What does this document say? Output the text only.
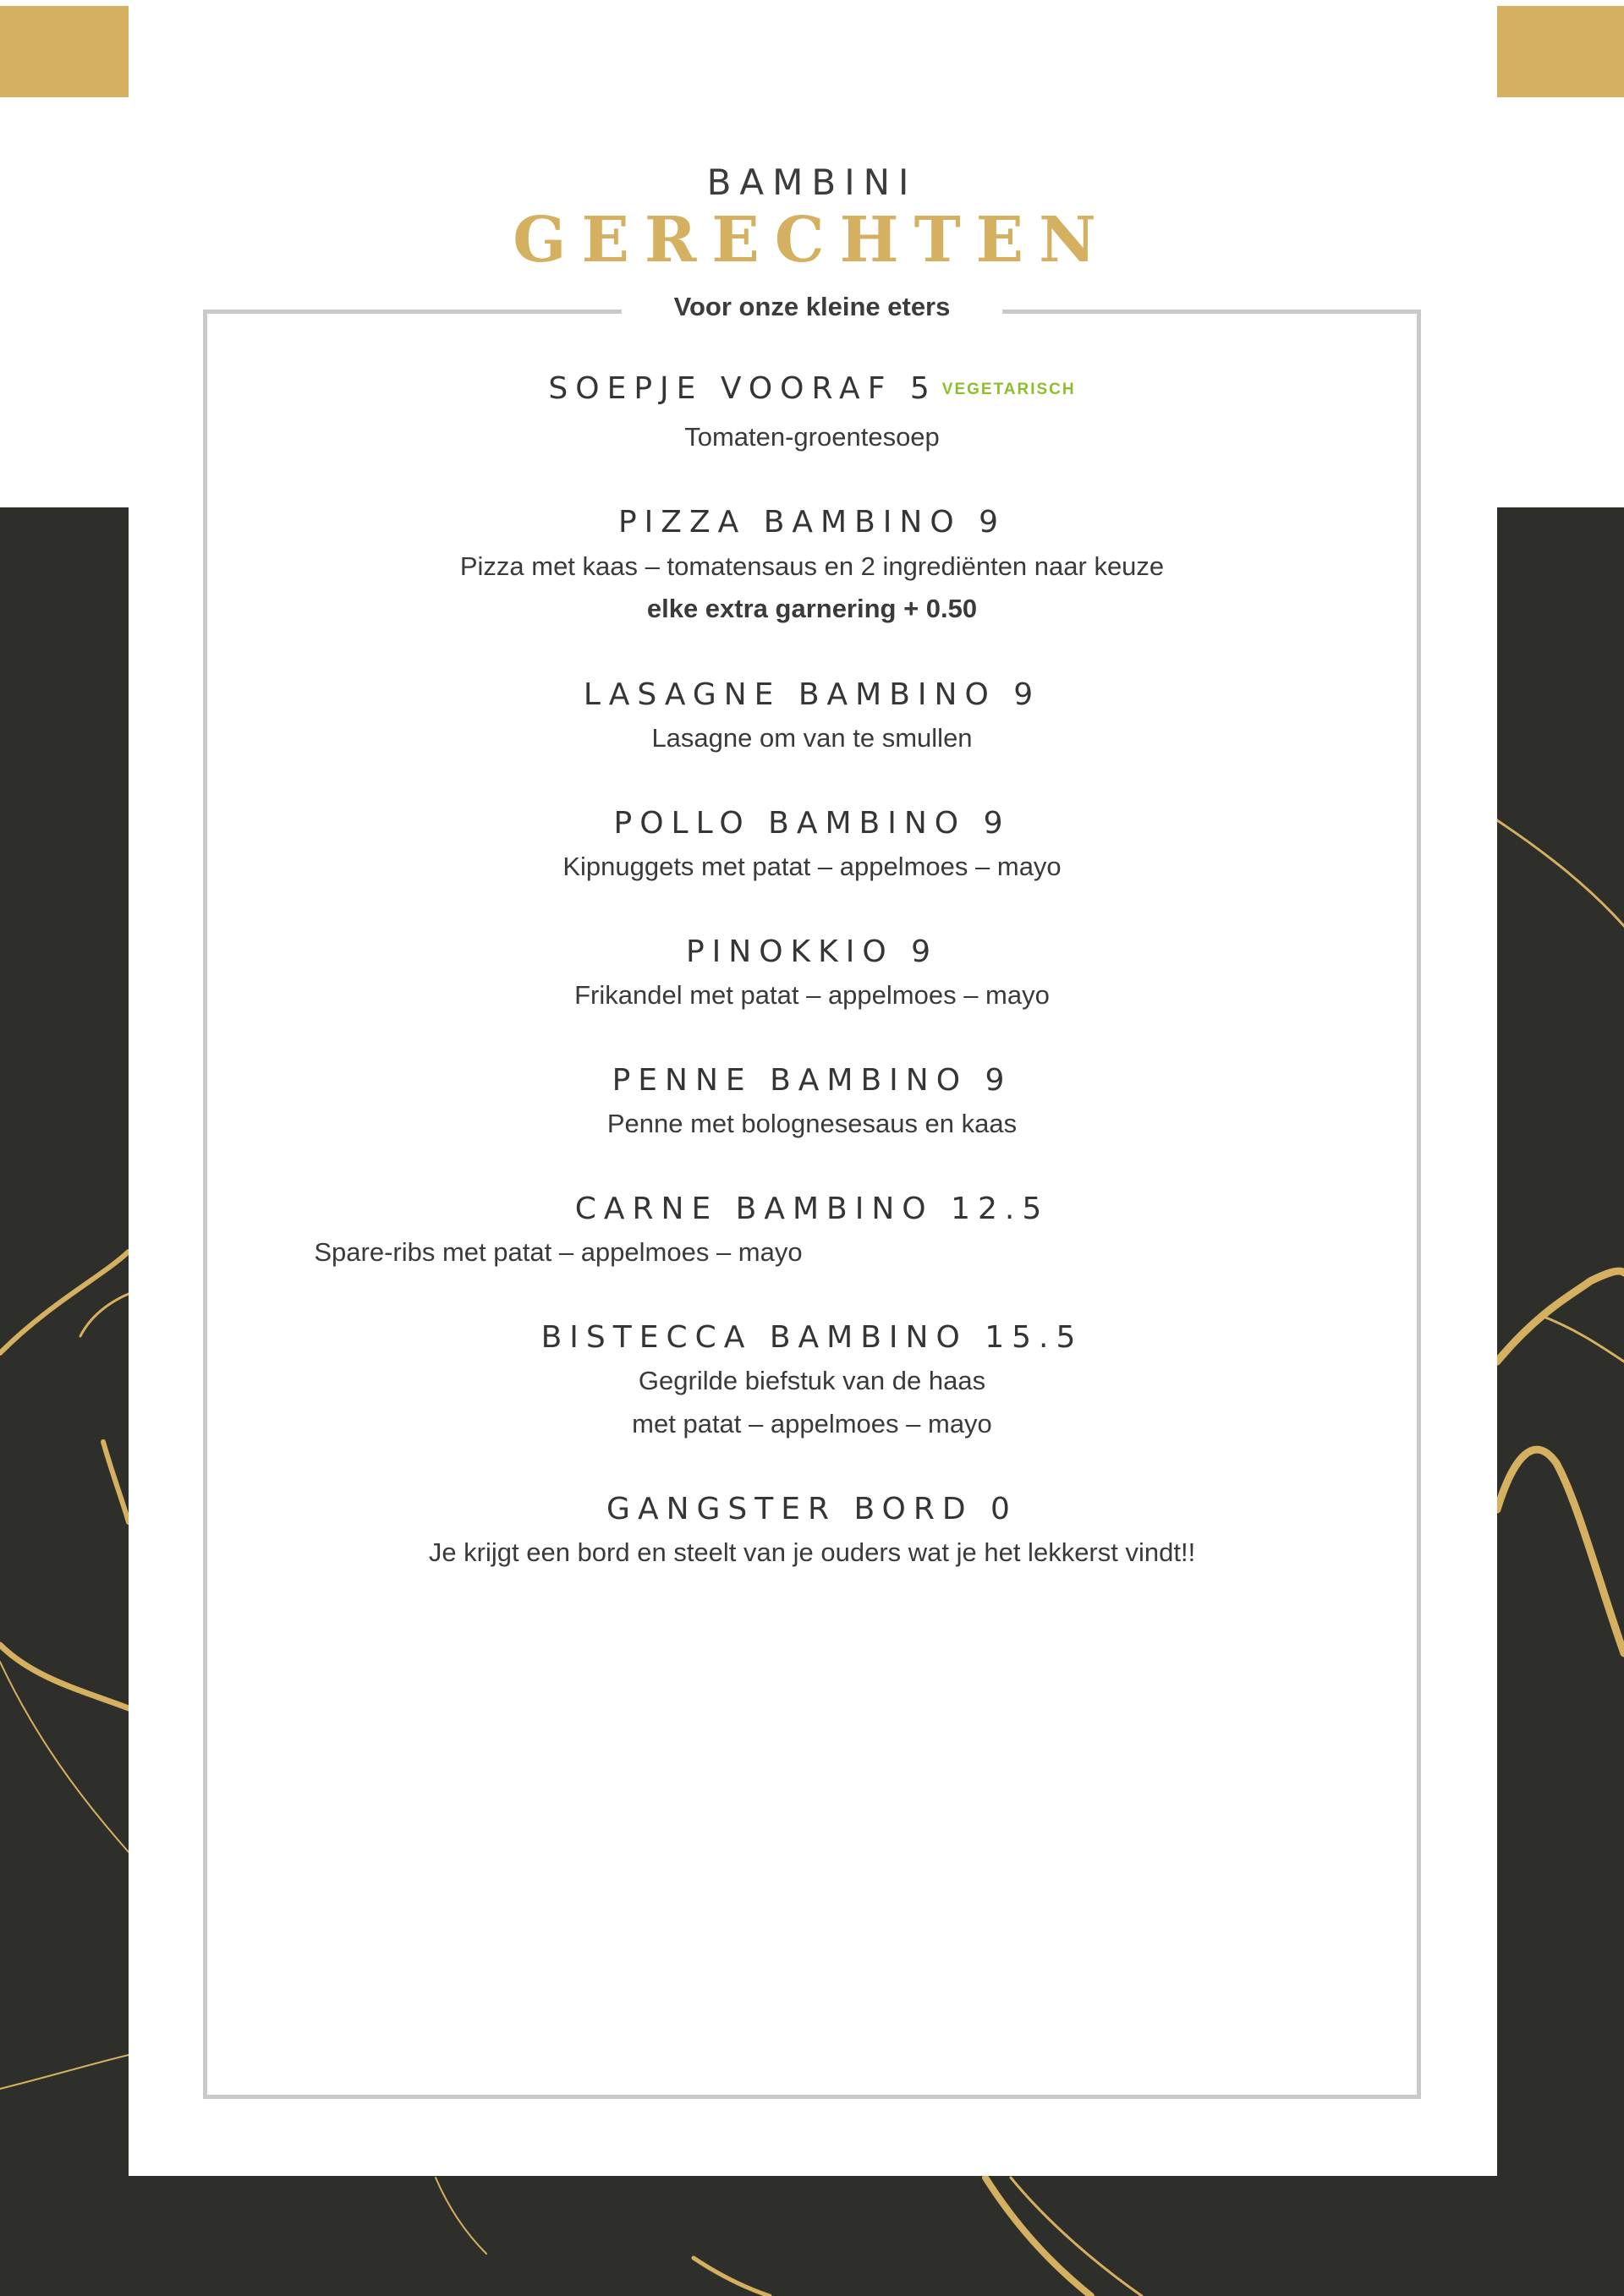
BAMBINI
GERECHTEN
Voor onze kleine eters
SOEPJE VOORAF 5 VEGETARISCH
Tomaten-groentesoep
PIZZA BAMBINO 9
Pizza met kaas – tomatensaus en 2 ingrediënten naar keuze
elke extra garnering + 0.50
LASAGNE BAMBINO 9
Lasagne om van te smullen
POLLO BAMBINO 9
Kipnuggets met patat – appelmoes – mayo
PINOKKIO 9
Frikandel met patat – appelmoes – mayo
PENNE BAMBINO 9
Penne met bolognesesaus en kaas
CARNE BAMBINO 12.5
Spare-ribs met patat – appelmoes – mayo
BISTECCA BAMBINO 15.5
Gegrilde biefstuk van de haas
met patat – appelmoes – mayo
GANGSTER BORD 0
Je krijgt een bord en steelt van je ouders wat je het lekkerst vindt!!
